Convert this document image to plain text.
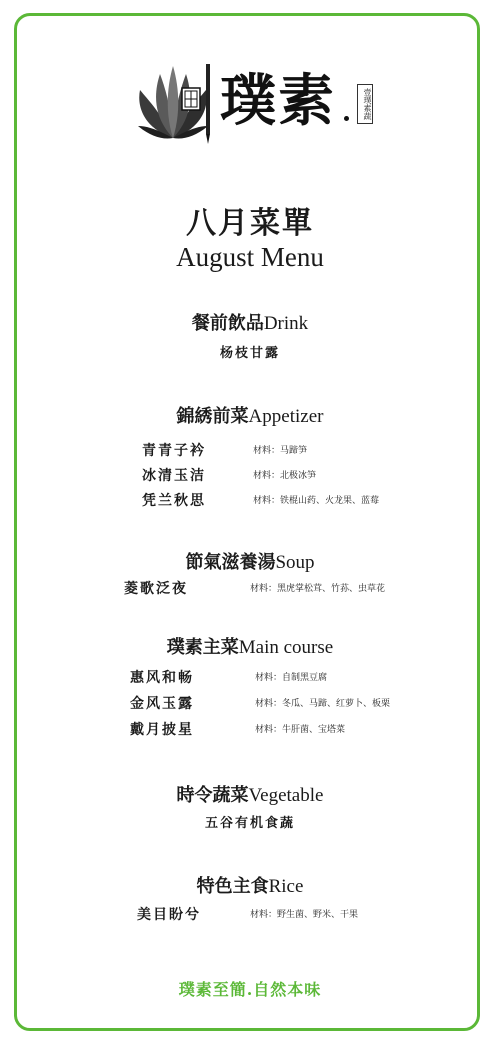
璞素	壹璞素蔬
八月菜單
August Menu
餐前飲品Drink
杨枝甘露
錦綉前菜Appetizer
青青子衿	材料：马蹄笋
冰清玉洁	材料：北极冰笋
凭兰秋思	材料：铁棍山药、火龙果、蓝莓
節氣滋養湯Soup
菱歌泛夜	材料：黑虎掌松茸、竹荪、虫草花
璞素主菜Main course
惠风和畅	材料：自制黑豆腐
金风玉露	材料：冬瓜、马蹄、红萝卜、板栗
戴月披星	材料：牛肝菌、宝塔菜
時令蔬菜Vegetable
五谷有机食蔬
特色主食Rice
美目盼兮	材料：野生菌、野米、干果
璞素至簡.自然本味
